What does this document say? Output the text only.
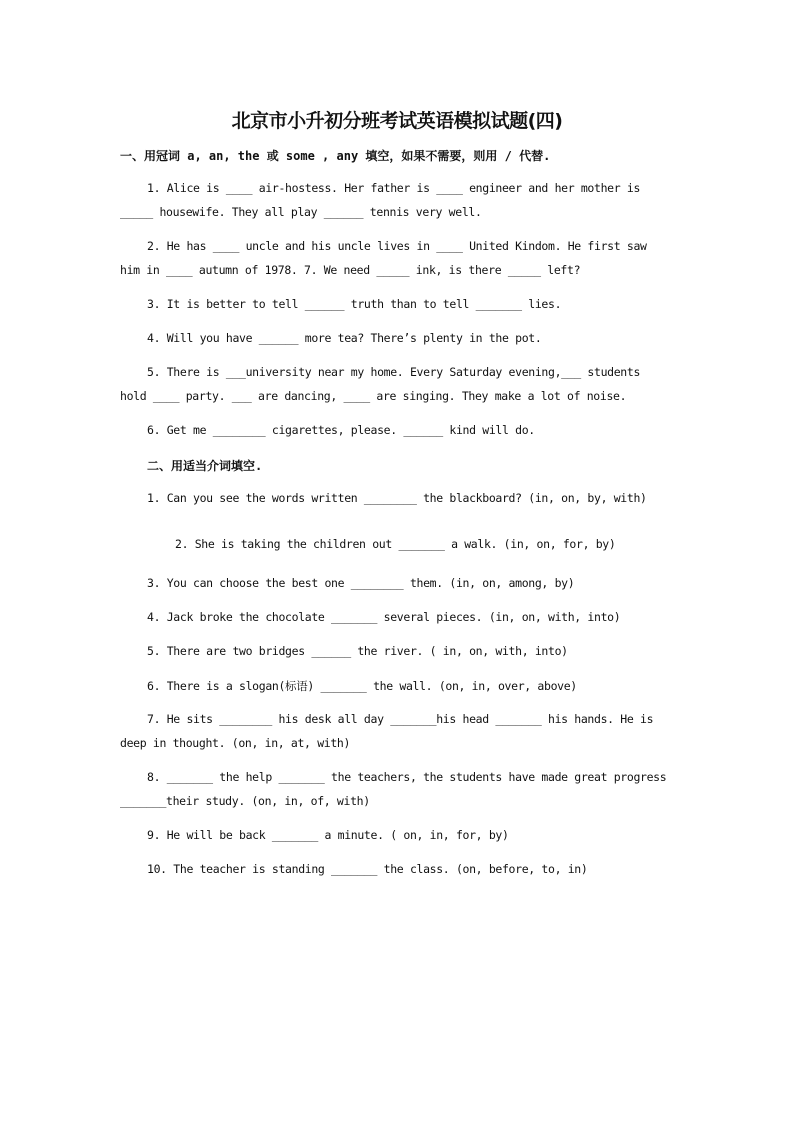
北京市小升初分班考试英语模拟试题(四)
一、用冠词 a, an, the 或 some , any 填空，如果不需要，则用 / 代替.
1. Alice is ____ air-hostess. Her father is ____ engineer and her mother is
_____ housewife. They all play ______ tennis very well.
2. He has ____ uncle and his uncle lives in ____ United Kindom. He first saw
him in ____ autumn of 1978. 7. We need _____ ink, is there _____ left?
3. It is better to tell ______ truth than to tell _______ lies.
4. Will you have ______ more tea? There’s plenty in the pot.
5. There is ___university near my home. Every Saturday evening,___ students
hold ____ party. ___ are dancing, ____ are singing. They make a lot of noise.
6. Get me ________ cigarettes, please. ______ kind will do.
二、用适当介词填空.
1. Can you see the words written ________ the blackboard? (in, on, by, with)
2. She is taking the children out _______ a walk. (in, on, for, by)
3. You can choose the best one ________ them. (in, on, among, by)
4. Jack broke the chocolate _______ several pieces. (in, on, with, into)
5. There are two bridges ______ the river. ( in, on, with, into)
6. There is a slogan(标语) _______ the wall. (on, in, over, above)
7. He sits ________ his desk all day _______his head _______ his hands. He is
deep in thought. (on, in, at, with)
8. _______ the help _______ the teachers, the students have made great progress
_______their study. (on, in, of, with)
9. He will be back _______ a minute. ( on, in, for, by)
10. The teacher is standing _______ the class. (on, before, to, in)
